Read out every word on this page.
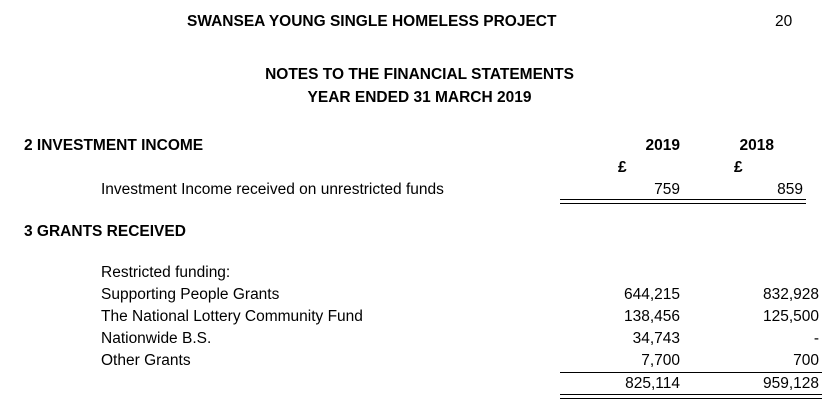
SWANSEA YOUNG SINGLE HOMELESS PROJECT	20
NOTES TO THE FINANCIAL STATEMENTS
YEAR ENDED 31 MARCH 2019
2019	2018
£	£
2 INVESTMENT INCOME
Investment Income received on unrestricted funds	759	859
3 GRANTS RECEIVED
Restricted funding:
Supporting People Grants	644,215	832,928
The National Lottery Community Fund	138,456	125,500
Nationwide B.S.	34,743	-
Other Grants	7,700	700
825,114	959,128
